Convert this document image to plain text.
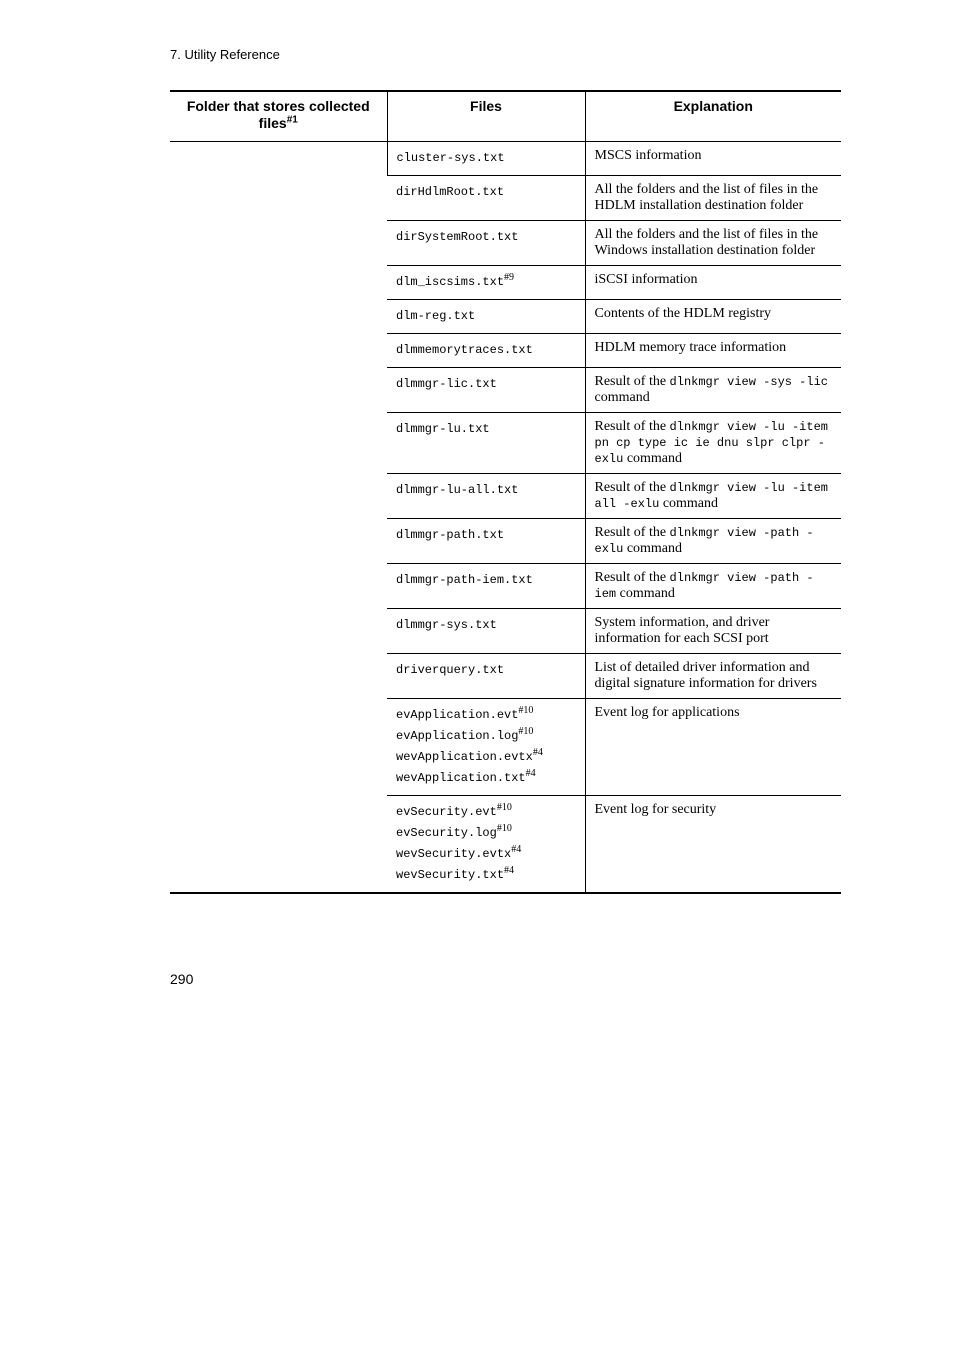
7. Utility Reference
Folder that stores collected files$^{\#1}$	Files	Explanation

	cluster-sys.txt	MSCS information

	dirHdlmRoot.txt	All the folders and the list of files in the HDLM installation destination folder

	dirSystemRoot.txt	All the folders and the list of files in the Windows installation destination folder

	dlm_iscsims.txt$^{\#9}$	iSCSI information

	dlm-reg.txt	Contents of the HDLM registry

	dlmmemorytraces.txt	HDLM memory trace information

	dlmmgr-lic.txt	Result of the dlnkmgr view -sys -lic command

	dlmmgr-lu.txt	Result of the dlnkmgr view -lu -item pn cp type ic ie dnu slpr clpr -exlu command

	dlmmgr-lu-all.txt	Result of the dlnkmgr view -lu -item all -exlu command

	dlmmgr-path.txt	Result of the dlnkmgr view -path -exlu command

	dlmmgr-path-iem.txt	Result of the dlnkmgr view -path -iem command

	dlmmgr-sys.txt	System information, and driver information for each SCSI port

	driverquery.txt	List of detailed driver information and digital signature information for drivers

	evApplication.evt$^{\#10}$
$evApplication.\log^{\#10}$
wevApplication.evtx$^{\#4}$
wevApplication.txt$^{\#4}$	Event log for applications

	evSecurity.evt$^{\#10}$
$evSecurity.\log^{\#10}$
wevSecurity.evtx$^{\#4}$
wevSecurity.txt$^{\#4}$	Event log for security
290
